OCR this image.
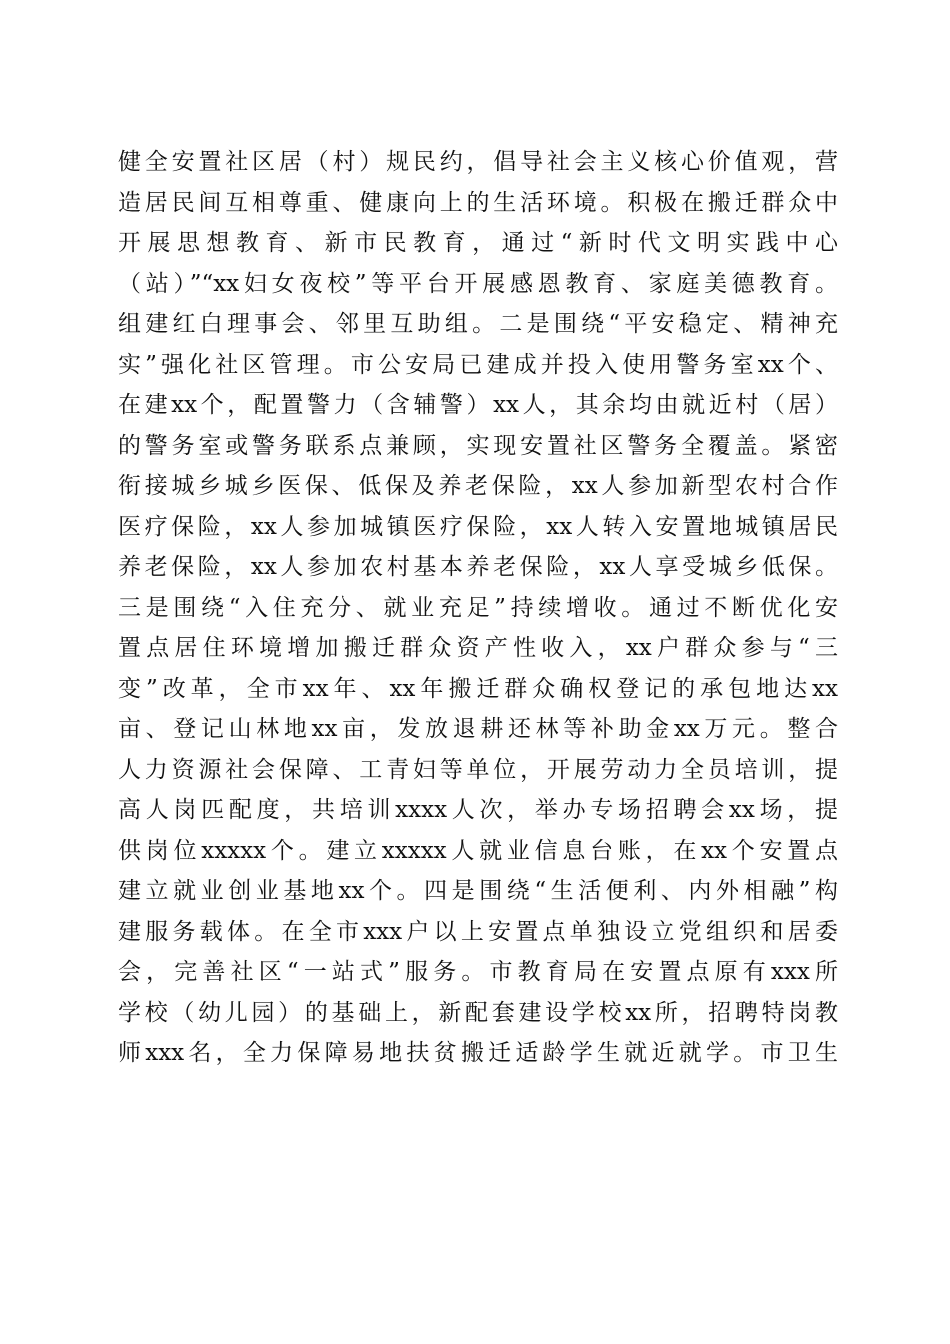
健全安置社区居（村）规民约，倡导社会主义核心价值观，营
造居民间互相尊重、健康向上的生活环境。积极在搬迁群众中
开展思想教育、新市民教育，通过“新时代文明实践中心
（站）”“xx妇女夜校”等平台开展感恩教育、家庭美德教育。
组建红白理事会、邻里互助组。二是围绕“平安稳定、精神充
实”强化社区管理。市公安局已建成并投入使用警务室xx个、
在建xx个，配置警力（含辅警）xx人，其余均由就近村（居）
的警务室或警务联系点兼顾，实现安置社区警务全覆盖。紧密
衔接城乡城乡医保、低保及养老保险，xx人参加新型农村合作
医疗保险，xx人参加城镇医疗保险，xx人转入安置地城镇居民
养老保险，xx人参加农村基本养老保险，xx人享受城乡低保。
三是围绕“入住充分、就业充足”持续增收。通过不断优化安
置点居住环境增加搬迁群众资产性收入，xx户群众参与“三
变”改革，全市xx年、xx年搬迁群众确权登记的承包地达xx
亩、登记山林地xx亩，发放退耕还林等补助金xx万元。整合
人力资源社会保障、工青妇等单位，开展劳动力全员培训，提
高人岗匹配度，共培训xxxx人次，举办专场招聘会xx场，提
供岗位xxxxx个。建立xxxxx人就业信息台账，在xx个安置点
建立就业创业基地xx个。四是围绕“生活便利、内外相融”构
建服务载体。在全市xxx户以上安置点单独设立党组织和居委
会，完善社区“一站式”服务。市教育局在安置点原有xxx所
学校（幼儿园）的基础上，新配套建设学校xx所，招聘特岗教
师xxx名，全力保障易地扶贫搬迁适龄学生就近就学。市卫生
